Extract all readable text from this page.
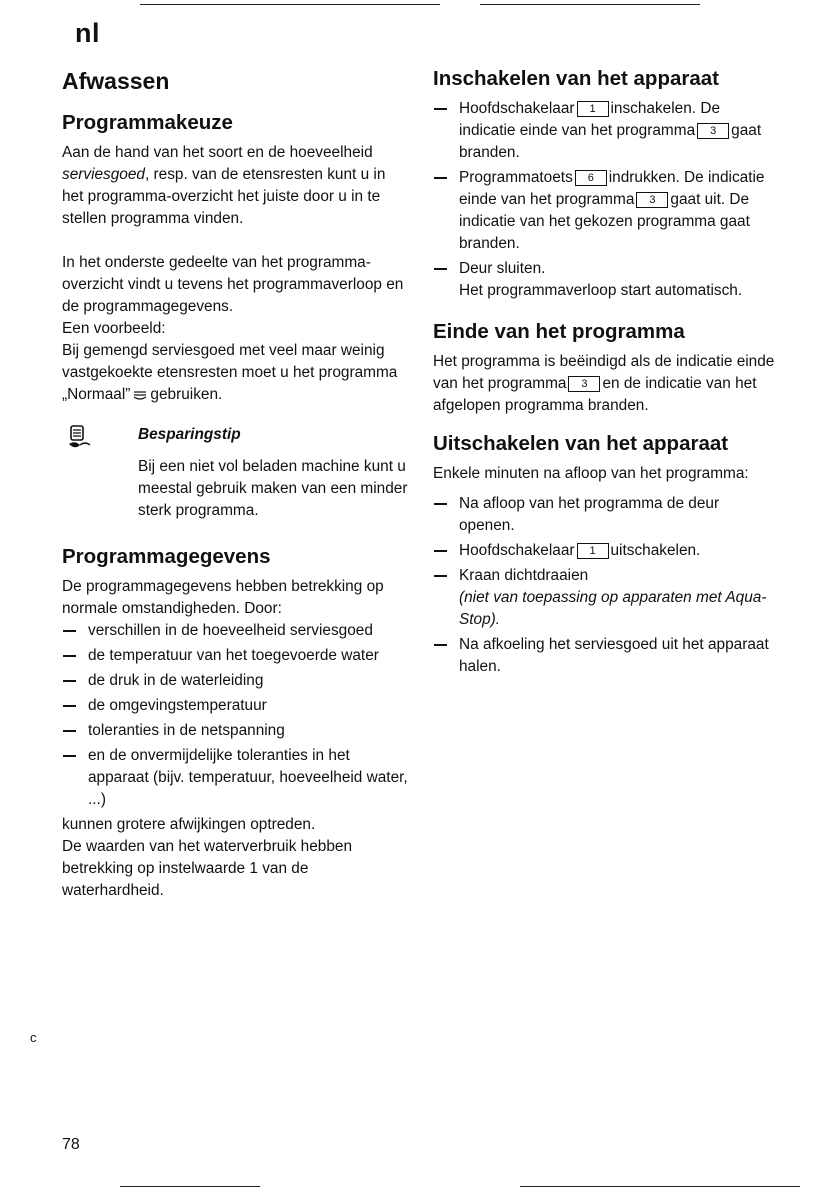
nl
Afwassen
Programmakeuze

Aan de hand van het soort en de hoeveelheid serviesgoed, resp. van de etensresten kunt u in het programma-overzicht het juiste door u in te stellen programma vinden.

In het onderste gedeelte van het programma-overzicht vindt u tevens het programmaverloop en de programmagegevens.

Een voorbeeld:

Bij gemengd serviesgoed met veel maar weinig vastgekoekte etensresten moet u het programma „Normaal” gebruiken.

Besparingstip
Bij een niet vol beladen machine kunt u meestal gebruik maken van een minder sterk programma.
Programmagegevens

De programmagegevens hebben betrekking op normale omstandigheden. Door:

verschillen in de hoeveelheid serviesgoed
de temperatuur van het toegevoerde water
de druk in de waterleiding
de omgevingstemperatuur
toleranties in de netspanning
en de onvermijdelijke toleranties in het apparaat (bijv. temperatuur, hoeveelheid water, ...)

kunnen grotere afwijkingen optreden.

De waarden van het waterverbruik hebben betrekking op instelwaarde 1 van de waterhardheid.

Inschakelen van het apparaat
Hoofdschakelaar 1 inschakelen. De indicatie einde van het programma 3 gaat branden.
Programmatoets 6 indrukken. De indicatie einde van het programma 3 gaat uit. De indicatie van het gekozen programma gaat branden.
Deur sluiten.
Het programmaverloop start automatisch.
Einde van het programma

Het programma is beëindigd als de indicatie einde van het programma 3 en de indicatie van het afgelopen programma branden.

Uitschakelen van het apparaat

Enkele minuten na afloop van het programma:

Na afloop van het programma de deur openen.
Hoofdschakelaar 1 uitschakelen.
Kraan dichtdraaien
(niet van toepassing op apparaten met Aqua-Stop).
Na afkoeling het serviesgoed uit het apparaat halen.
c
78
